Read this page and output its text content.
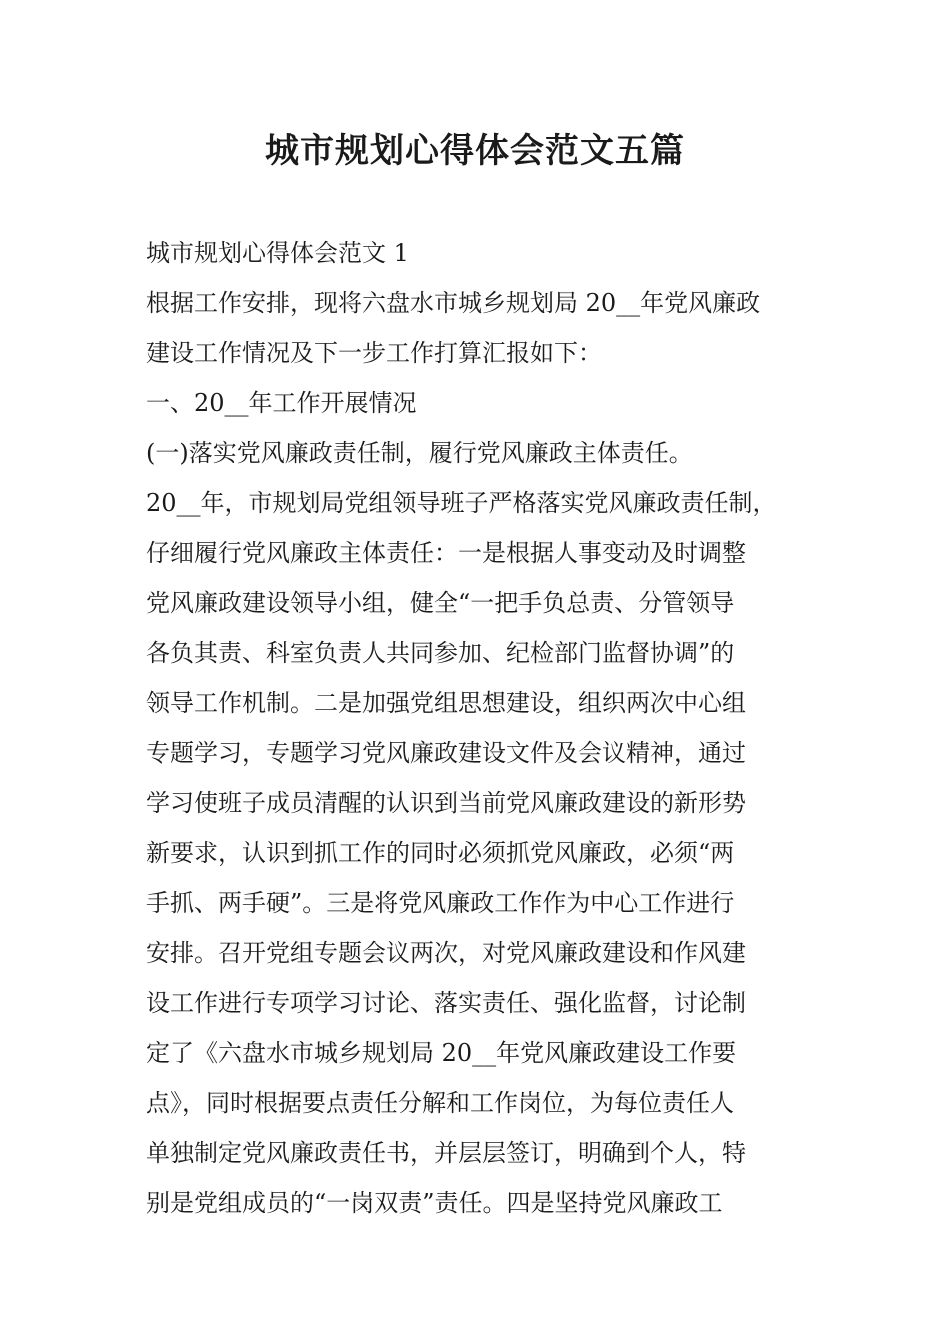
城市规划心得体会范文五篇
城市规划心得体会范文 1
根据工作安排，现将六盘水市城乡规划局 20__年党风廉政
建设工作情况及下一步工作打算汇报如下：
一、20__年工作开展情况
(一)落实党风廉政责任制，履行党风廉政主体责任。
20__年，市规划局党组领导班子严格落实党风廉政责任制，
仔细履行党风廉政主体责任：一是根据人事变动及时调整
党风廉政建设领导小组，健全“一把手负总责、分管领导
各负其责、科室负责人共同参加、纪检部门监督协调”的
领导工作机制。二是加强党组思想建设，组织两次中心组
专题学习，专题学习党风廉政建设文件及会议精神，通过
学习使班子成员清醒的认识到当前党风廉政建设的新形势
新要求，认识到抓工作的同时必须抓党风廉政，必须“两
手抓、两手硬”。三是将党风廉政工作作为中心工作进行
安排。召开党组专题会议两次，对党风廉政建设和作风建
设工作进行专项学习讨论、落实责任、强化监督，讨论制
定了《六盘水市城乡规划局 20__年党风廉政建设工作要
点》，同时根据要点责任分解和工作岗位，为每位责任人
单独制定党风廉政责任书，并层层签订，明确到个人，特
别是党组成员的“一岗双责”责任。四是坚持党风廉政工
